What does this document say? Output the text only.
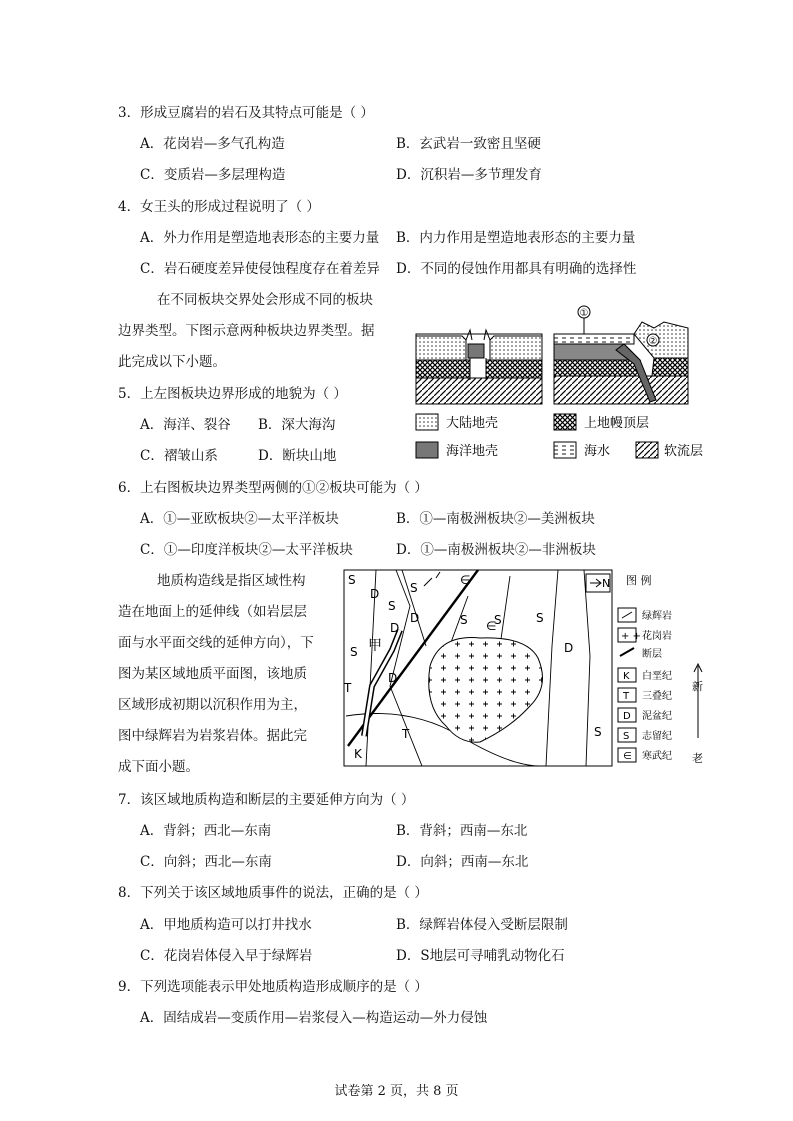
3．形成豆腐岩的岩石及其特点可能是（ ）
A．花岗岩—多气孔构造	B．玄武岩一致密且坚硬
C．变质岩—多层理构造	D．沉积岩—多节理发育
4．女王头的形成过程说明了（ ）
A．外力作用是塑造地表形态的主要力量 B．内力作用是塑造地表形态的主要力量
C．岩石硬度差异使侵蚀程度存在着差异 D．不同的侵蚀作用都具有明确的选择性
在不同板块交界处会形成不同的板块
边界类型。下图示意两种板块边界类型。据
此完成以下小题。
5．上左图板块边界形成的地貌为（ ）
A．海洋、裂谷 B．深大海沟
C．褶皱山系	D．断块山地
①
②
大陆地壳	上地幔顶层
海洋地壳	海水	软流层
6．上右图板块边界类型两侧的①②板块可能为（ ）
A．①—亚欧板块②—太平洋板块	B．①—南极洲板块②—美洲板块
C．①—印度洋板块②—太平洋板块	D．①—南极洲板块②—非洲板块
地质构造线是指区域性构
造在地面上的延伸线（如岩层层
面与水平面交线的延伸方向），下
图为某区域地质平面图，该地质
区域形成初期以沉积作用为主，
图中绿辉岩为岩浆岩体。据此完
成下面小题。
S
D
S
D
S
∈
S
D
S
D
T
T
K
S
D
S
∈
S
甲
N 图 例
绿辉岩
+ + 花岗岩
断层
K 白垩纪
T 三叠纪
D 泥盆纪
S 志留纪
∈ 寒武纪
新
老
7．该区域地质构造和断层的主要延伸方向为（ ）
A．背斜；西北—东南	B．背斜；西南—东北
C．向斜；西北—东南	D．向斜；西南—东北
8．下列关于该区域地质事件的说法，正确的是（ ）
A．甲地质构造可以打井找水	B．绿辉岩体侵入受断层限制
C．花岗岩体侵入早于绿辉岩	D．S地层可寻哺乳动物化石
9．下列选项能表示甲处地质构造形成顺序的是（ ）
A．固结成岩—变质作用—岩浆侵入—构造运动—外力侵蚀
试卷第 2 页，共 8 页
